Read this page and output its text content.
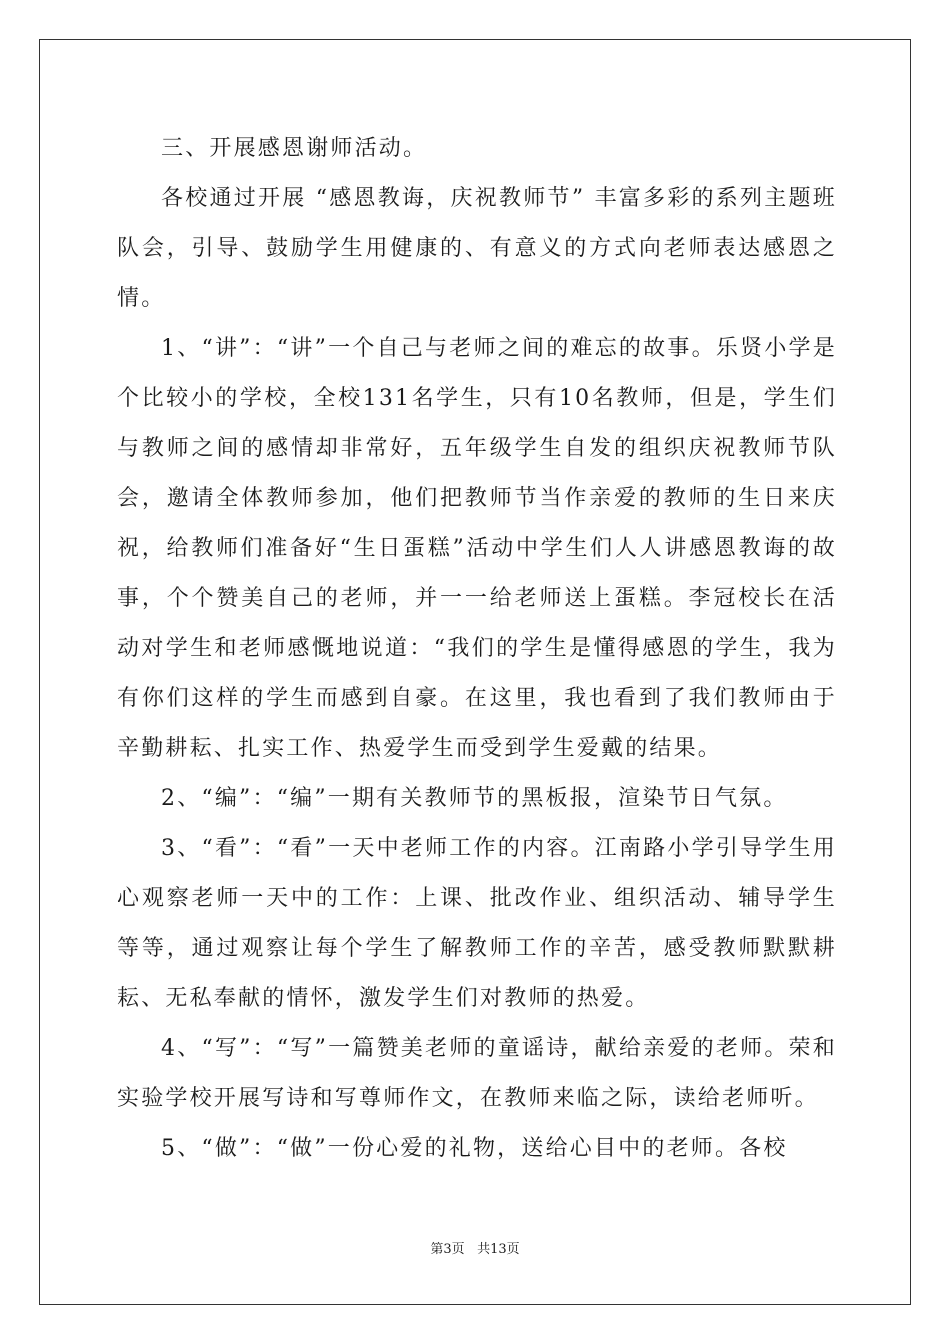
三、开展感恩谢师活动。

各校通过开展 “感恩教诲，庆祝教师节” 丰富多彩的系列主题班队会，引导、鼓励学生用健康的、有意义的方式向老师表达感恩之情。

1、“讲”：“讲”一个自己与老师之间的难忘的故事。乐贤小学是个比较小的学校，全校131名学生，只有10名教师，但是，学生们与教师之间的感情却非常好，五年级学生自发的组织庆祝教师节队会，邀请全体教师参加，他们把教师节当作亲爱的教师的生日来庆祝，给教师们准备好“生日蛋糕”活动中学生们人人讲感恩教诲的故事，个个赞美自己的老师，并一一给老师送上蛋糕。李冠校长在活动对学生和老师感慨地说道：“我们的学生是懂得感恩的学生，我为有你们这样的学生而感到自豪。在这里，我也看到了我们教师由于辛勤耕耘、扎实工作、热爱学生而受到学生爱戴的结果。

2、“编”：“编”一期有关教师节的黑板报，渲染节日气氛。

3、“看”：“看”一天中老师工作的内容。江南路小学引导学生用心观察老师一天中的工作：上课、批改作业、组织活动、辅导学生等等，通过观察让每个学生了解教师工作的辛苦，感受教师默默耕耘、无私奉献的情怀，激发学生们对教师的热爱。

4、“写”：“写”一篇赞美老师的童谣诗，献给亲爱的老师。荣和实验学校开展写诗和写尊师作文，在教师来临之际，读给老师听。

5、“做”：“做”一份心爱的礼物，送给心目中的老师。各校

第3页 共13页
